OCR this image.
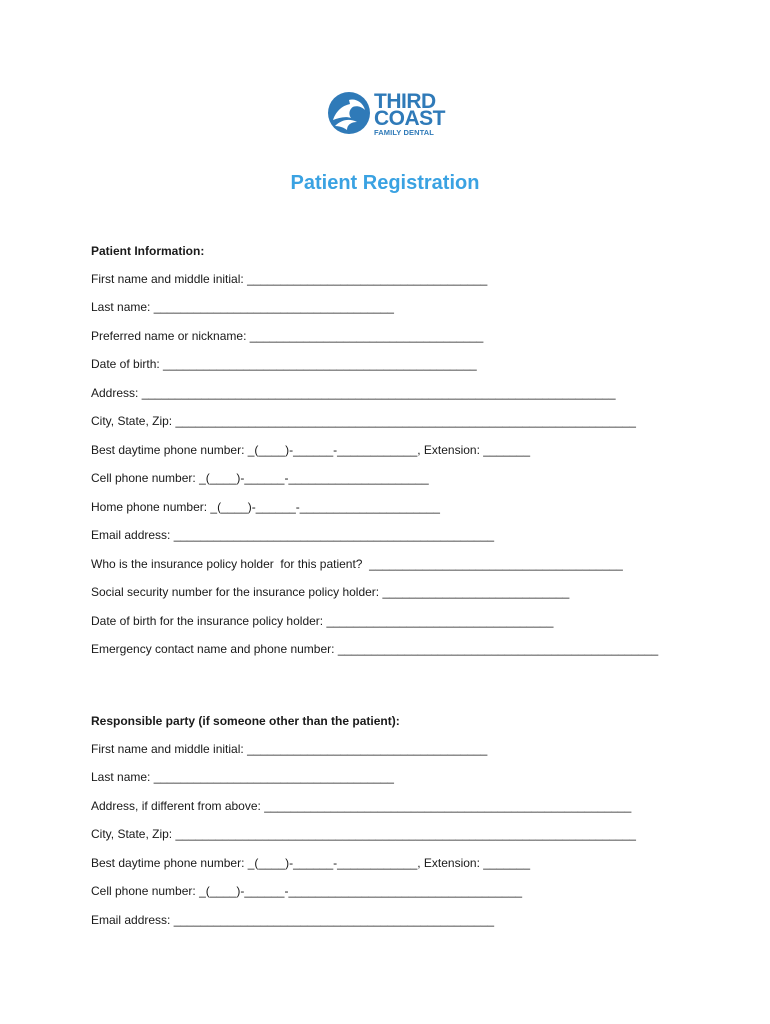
THIRD
COAST
FAMILY DENTAL
Patient Registration
Patient Information:
First name and middle initial: ____________________________________
Last name: ____________________________________
Preferred name or nickname: ___________________________________
Date of birth: _______________________________________________
Address: _______________________________________________________________________
City, State, Zip: _____________________________________________________________________
Best daytime phone number: _(____)-______-____________, Extension: _______
Cell phone number: _(____)-______-_____________________
Home phone number: _(____)-______-_____________________
Email address: ________________________________________________
Who is the insurance policy holder  for this patient?  ______________________________________
Social security number for the insurance policy holder: ____________________________
Date of birth for the insurance policy holder: __________________________________
Emergency contact name and phone number: ________________________________________________
Responsible party (if someone other than the patient):
First name and middle initial: ____________________________________
Last name: ____________________________________
Address, if different from above: _______________________________________________________
City, State, Zip: _____________________________________________________________________
Best daytime phone number: _(____)-______-____________, Extension: _______
Cell phone number: _(____)-______-___________________________________
Email address: ________________________________________________
